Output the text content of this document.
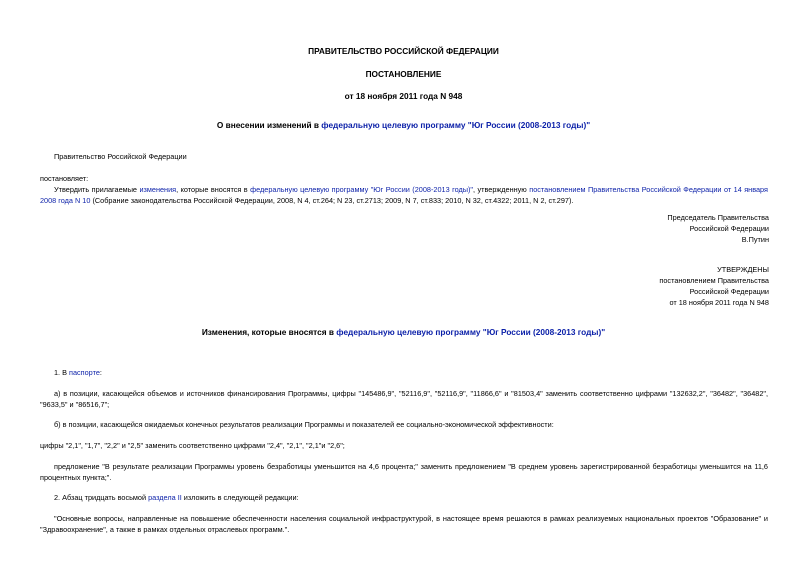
ПРАВИТЕЛЬСТВО РОССИЙСКОЙ ФЕДЕРАЦИИ
ПОСТАНОВЛЕНИЕ
от 18 ноября 2011 года N 948
О внесении изменений в федеральную целевую программу "Юг России (2008-2013 годы)"

Правительство Российской Федерации

постановляет:

Утвердить прилагаемые изменения, которые вносятся в федеральную целевую программу "Юг России (2008-2013 годы)", утвержденную постановлением Правительства Российской Федерации от 14 января 2008 года N 10 (Собрание законодательства Российской Федерации, 2008, N 4, ст.264; N 23, ст.2713; 2009, N 7, ст.833; 2010, N 32, ст.4322; 2011, N 2, ст.297).

Председатель Правительства

Российской Федерации

В.Путин

УТВЕРЖДЕНЫ

постановлением Правительства

Российской Федерации

от 18 ноября 2011 года N 948

Изменения, которые вносятся в федеральную целевую программу "Юг России (2008-2013 годы)"

1. В паспорте:

а) в позиции, касающейся объемов и источников финансирования Программы, цифры "145486,9", "52116,9", "52116,9", "11866,6" и "81503,4" заменить соответственно цифрами "132632,2", "36482", "36482", "9633,5" и "86516,7";

б) в позиции, касающейся ожидаемых конечных результатов реализации Программы и показателей ее социально-экономической эффективности:

цифры "2,1", "1,7", "2,2" и "2,5" заменить соответственно цифрами "2,4", "2,1", "2,1"и "2,6";

предложение "В результате реализации Программы уровень безработицы уменьшится на 4,6 процента;" заменить предложением "В среднем уровень зарегистрированной безработицы уменьшится на 11,6 процентных пункта;".

2. Абзац тридцать восьмой раздела II изложить в следующей редакции:

"Основные вопросы, направленные на повышение обеспеченности населения социальной инфраструктурой, в настоящее время решаются в рамках реализуемых национальных проектов "Образование" и "Здравоохранение", а также в рамках отдельных отраслевых программ.".
